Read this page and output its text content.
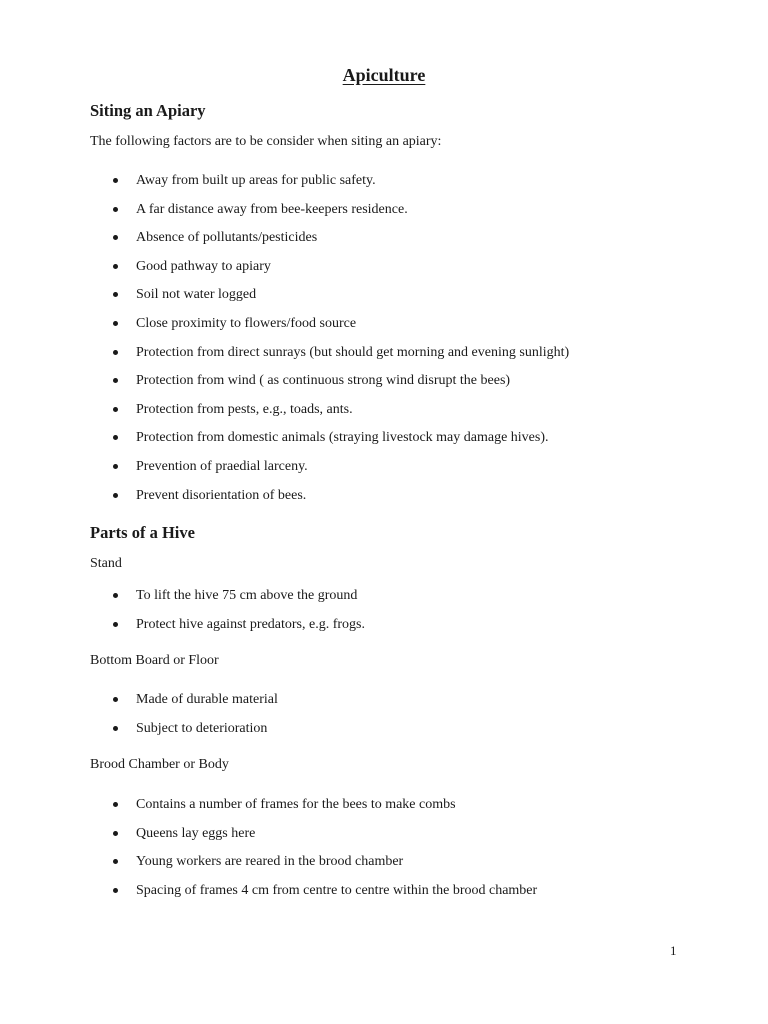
Apiculture
Siting an Apiary
The following factors are to be consider when siting an apiary:
Away from built up areas for public safety.
A far distance away from bee-keepers residence.
Absence of pollutants/pesticides
Good pathway to apiary
Soil not water logged
Close proximity to flowers/food source
Protection from direct sunrays (but should get morning and evening sunlight)
Protection from wind ( as continuous strong wind disrupt the bees)
Protection from pests, e.g., toads, ants.
Protection from domestic animals (straying livestock may damage hives).
Prevention of praedial larceny.
Prevent disorientation of bees.
Parts of a Hive
Stand
To lift the hive 75 cm above the ground
Protect hive against predators, e.g. frogs.
Bottom Board or Floor
Made of durable material
Subject to deterioration
Brood Chamber or Body
Contains a number of frames for the bees to make combs
Queens lay eggs here
Young workers are reared in the brood chamber
Spacing of frames 4 cm from centre to centre within the brood chamber
1
